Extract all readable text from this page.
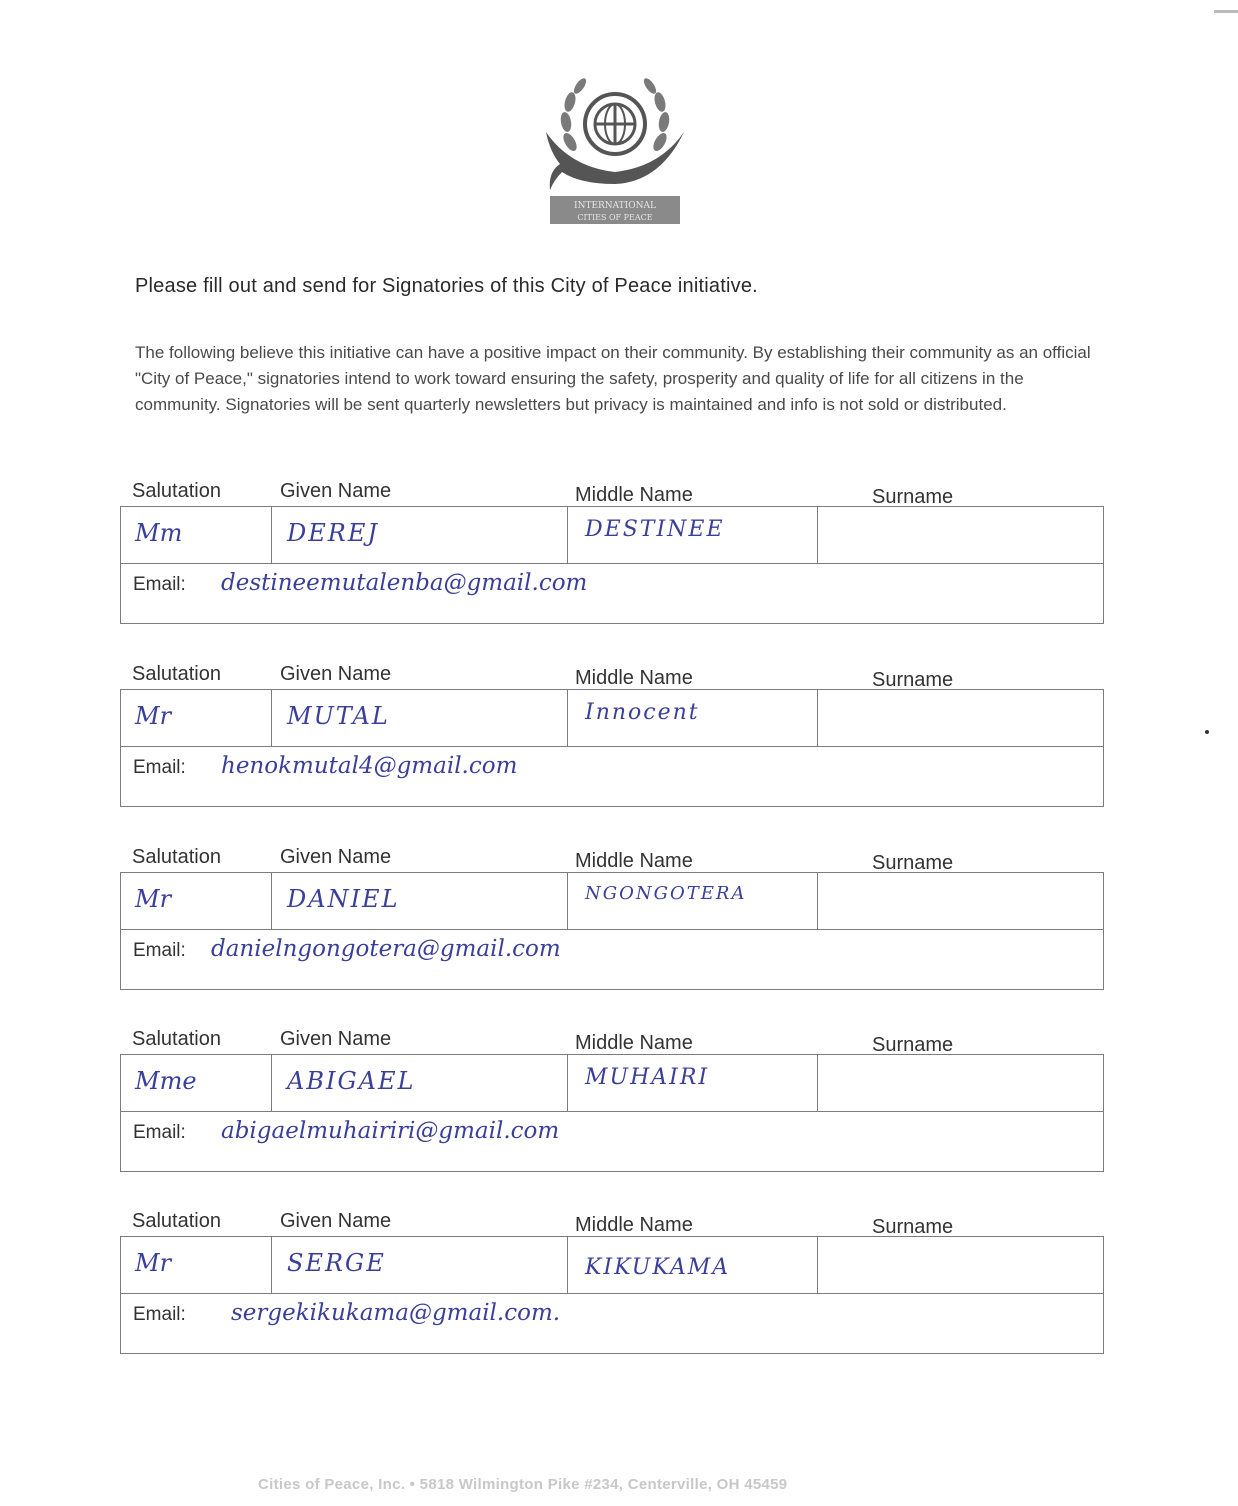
INTERNATIONAL
CITIES OF PEACE
Please fill out and send for Signatories of this City of Peace initiative.
The following believe this initiative can have a positive impact on their community. By establishing their community as an official "City of Peace," signatories intend to work toward ensuring the safety, prosperity and quality of life for all citizens in the community. Signatories will be sent quarterly newsletters but privacy is maintained and info is not sold or distributed.
Salutation	Given Name	Middle Name	Surname
Mm	DEREJ	DESTINEE
Email: destineemutalenba@gmail.com
Salutation	Given Name	Middle Name	Surname
Mr	MUTAL	Innocent
Email: henokmutal4@gmail.com
Salutation	Given Name	Middle Name	Surname
Mr	DANIEL	NGONGOTERA
Email: danielngongotera@gmail.com
Salutation	Given Name	Middle Name	Surname
Mme	ABIGAEL	MUHAIRI
Email: abigaelmuhairiri@gmail.com
Salutation	Given Name	Middle Name	Surname
Mr	SERGE	KIKUKAMA
Email: sergekikukama@gmail.com.
Cities of Peace, Inc. • 5818 Wilmington Pike #234, Centerville, OH 45459
